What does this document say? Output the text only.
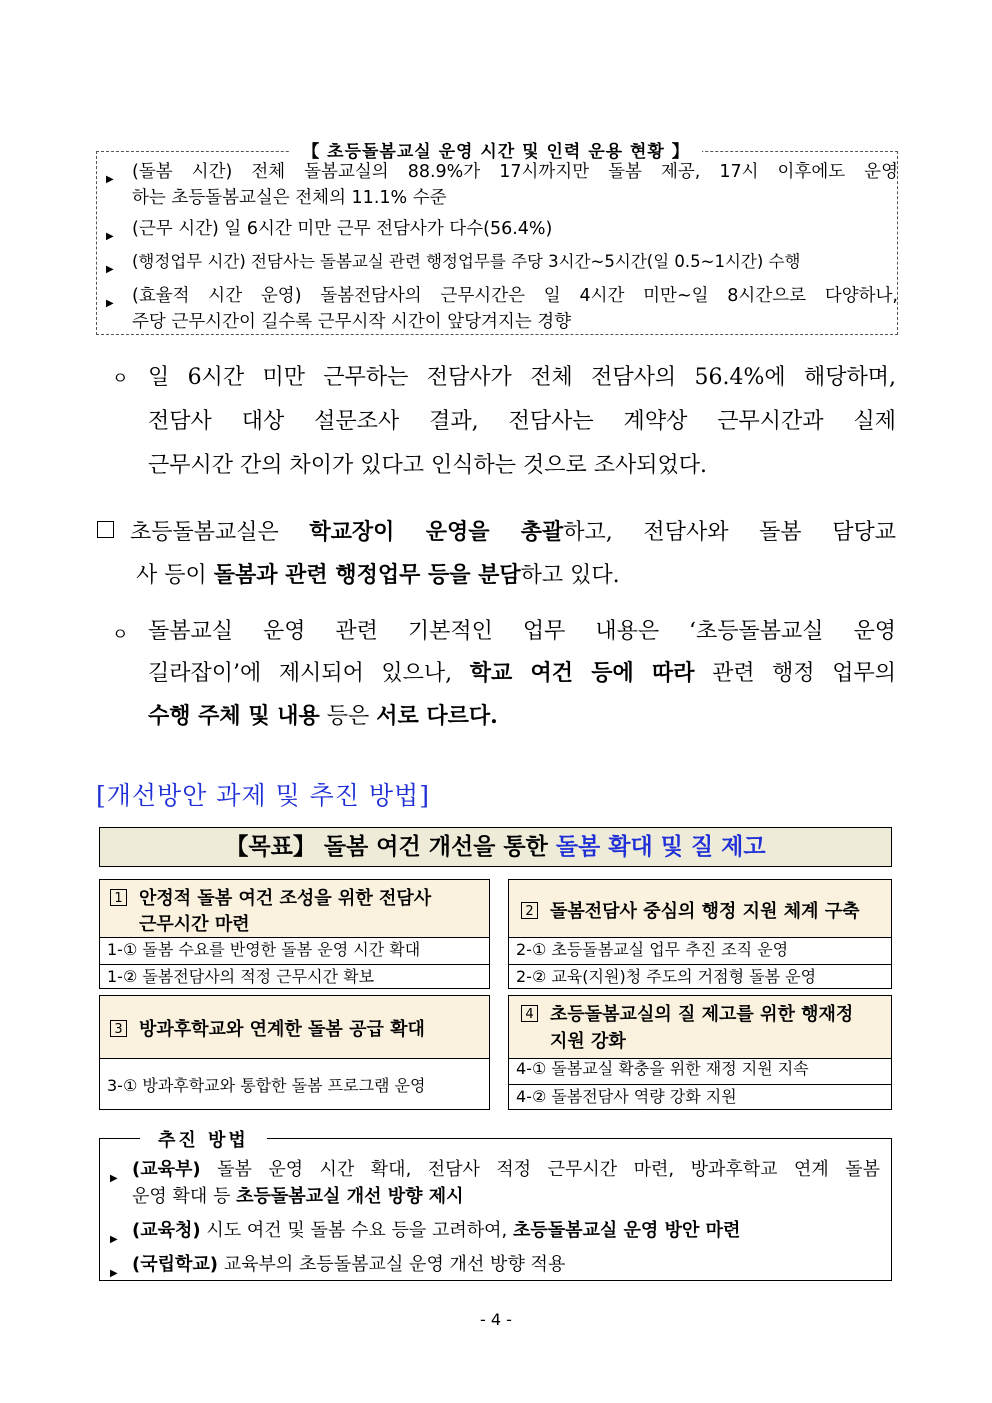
【 초등돌봄교실 운영 시간 및 인력 운용 현황 】
▶ (돌봄 시간) 전체 돌봄교실의 88.9%가 17시까지만 돌봄 제공, 17시 이후에도 운영
하는 초등돌봄교실은 전체의 11.1% 수준
▶ (근무 시간) 일 6시간 미만 근무 전담사가 다수(56.4%)
▶ (행정업무 시간) 전담사는 돌봄교실 관련 행정업무를 주당 3시간~5시간(일 0.5~1시간) 수행
▶ (효율적 시간 운영) 돌봄전담사의 근무시간은 일 4시간 미만~일 8시간으로 다양하나,
주당 근무시간이 길수록 근무시작 시간이 앞당겨지는 경향
ㅇ 일 6시간 미만 근무하는 전담사가 전체 전담사의 56.4%에 해당하며,
전담사 대상 설문조사 결과, 전담사는 계약상 근무시간과 실제
근무시간 간의 차이가 있다고 인식하는 것으로 조사되었다.
초등돌봄교실은 학교장이 운영을 총괄하고, 전담사와 돌봄 담당교
사 등이 돌봄과 관련 행정업무 등을 분담하고 있다.
ㅇ 돌봄교실 운영 관련 기본적인 업무 내용은 ‘초등돌봄교실 운영
길라잡이’에 제시되어 있으나, 학교 여건 등에 따라 관련 행정 업무의
수행 주체 및 내용 등은 서로 다르다.
[개선방안 과제 및 추진 방법]
【목표】 돌봄 여건 개선을 통한 돌봄 확대 및 질 제고
1 안정적 돌봄 여건 조성을 위한 전담사
근무시간 마련
1-① 돌봄 수요를 반영한 돌봄 운영 시간 확대
1-② 돌봄전담사의 적정 근무시간 확보
2 돌봄전담사 중심의 행정 지원 체계 구축
2-① 초등돌봄교실 업무 추진 조직 운영
2-② 교육(지원)청 주도의 거점형 돌봄 운영
3 방과후학교와 연계한 돌봄 공급 확대
3-① 방과후학교와 통합한 돌봄 프로그램 운영
4 초등돌봄교실의 질 제고를 위한 행재정
지원 강화
4-① 돌봄교실 확충을 위한 재정 지원 지속
4-② 돌봄전담사 역량 강화 지원
추진 방법
▶ (교육부) 돌봄 운영 시간 확대, 전담사 적정 근무시간 마련, 방과후학교 연계 돌봄
운영 확대 등 초등돌봄교실 개선 방향 제시
▶ (교육청) 시도 여건 및 돌봄 수요 등을 고려하여, 초등돌봄교실 운영 방안 마련
▶ (국립학교) 교육부의 초등돌봄교실 운영 개선 방향 적용
- 4 -
